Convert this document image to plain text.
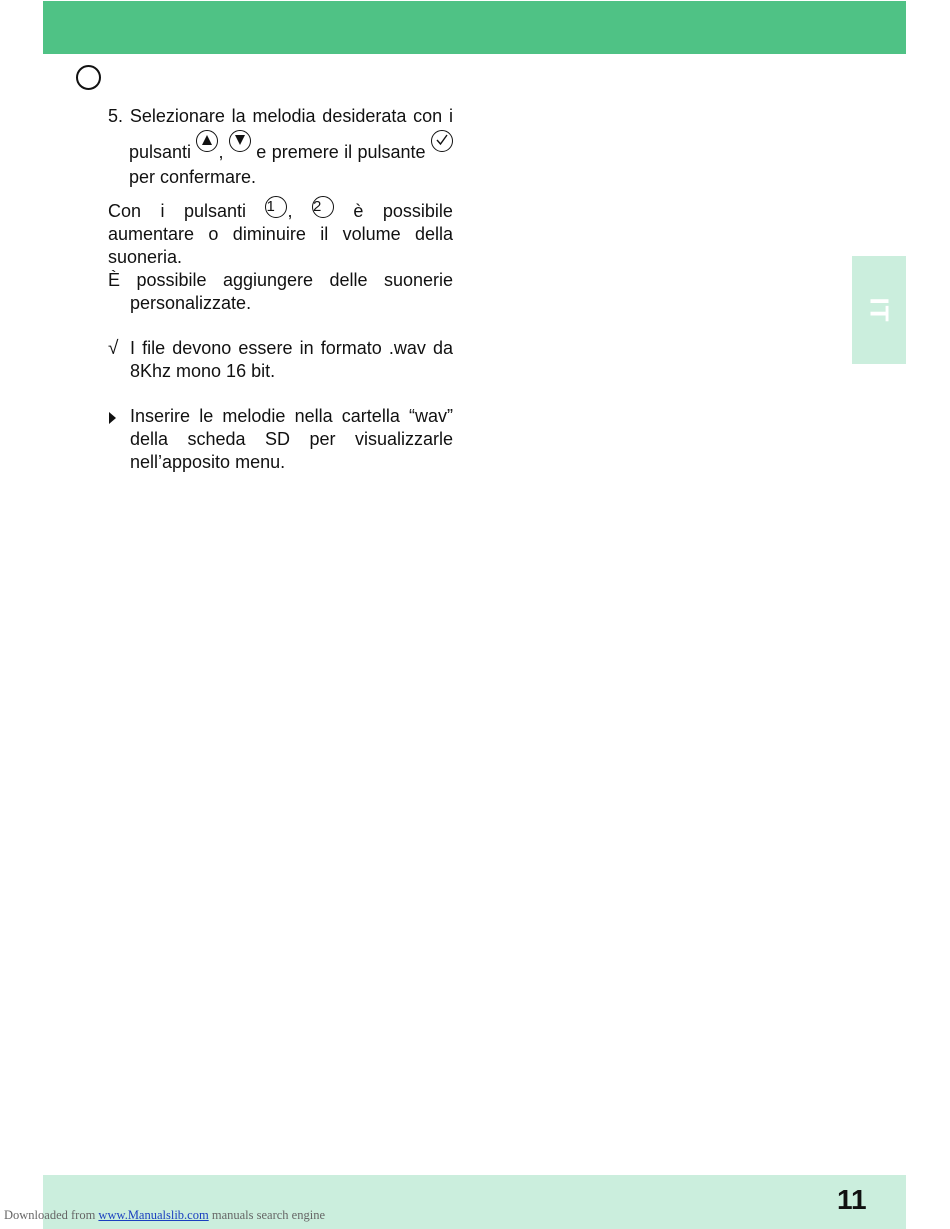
5. Selezionare la melodia desiderata con i pulsanti , e premere il pulsante
per confermare.

Con i pulsanti 1 , 2 è possibile aumentare o diminuire il volume della suoneria.

È possibile aggiungere delle suonerie personalizzate.

√ I file devono essere in formato .wav da 8Khz mono 16 bit.

Inserire le melodie nella cartella “wav” della scheda SD per visualizzarle nell’apposito menu.

IT
11
Downloaded from www.Manualslib.com manuals search engine
